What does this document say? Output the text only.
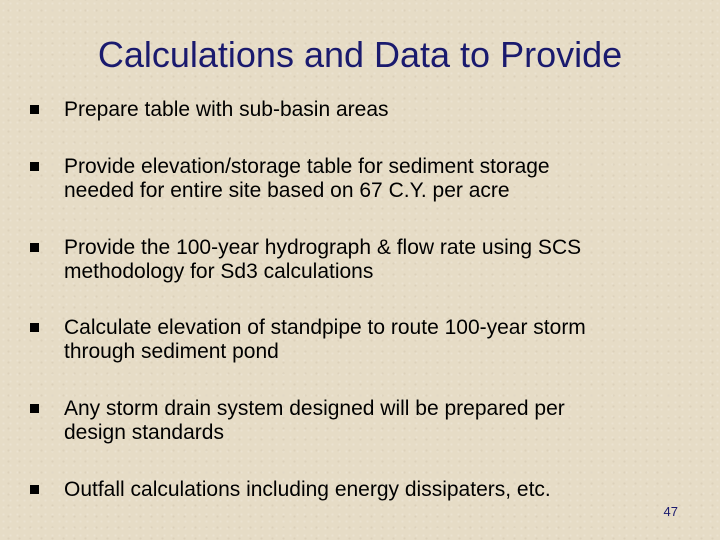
Calculations and Data to Provide
Prepare table with sub-basin areas
Provide elevation/storage table for sediment storage
needed for entire site based on 67 C.Y. per acre
Provide the 100-year hydrograph & flow rate using SCS
methodology for Sd3 calculations
Calculate elevation of standpipe to route 100-year storm
through sediment pond
Any storm drain system designed will be prepared per
design standards
Outfall calculations including energy dissipaters, etc.
47
